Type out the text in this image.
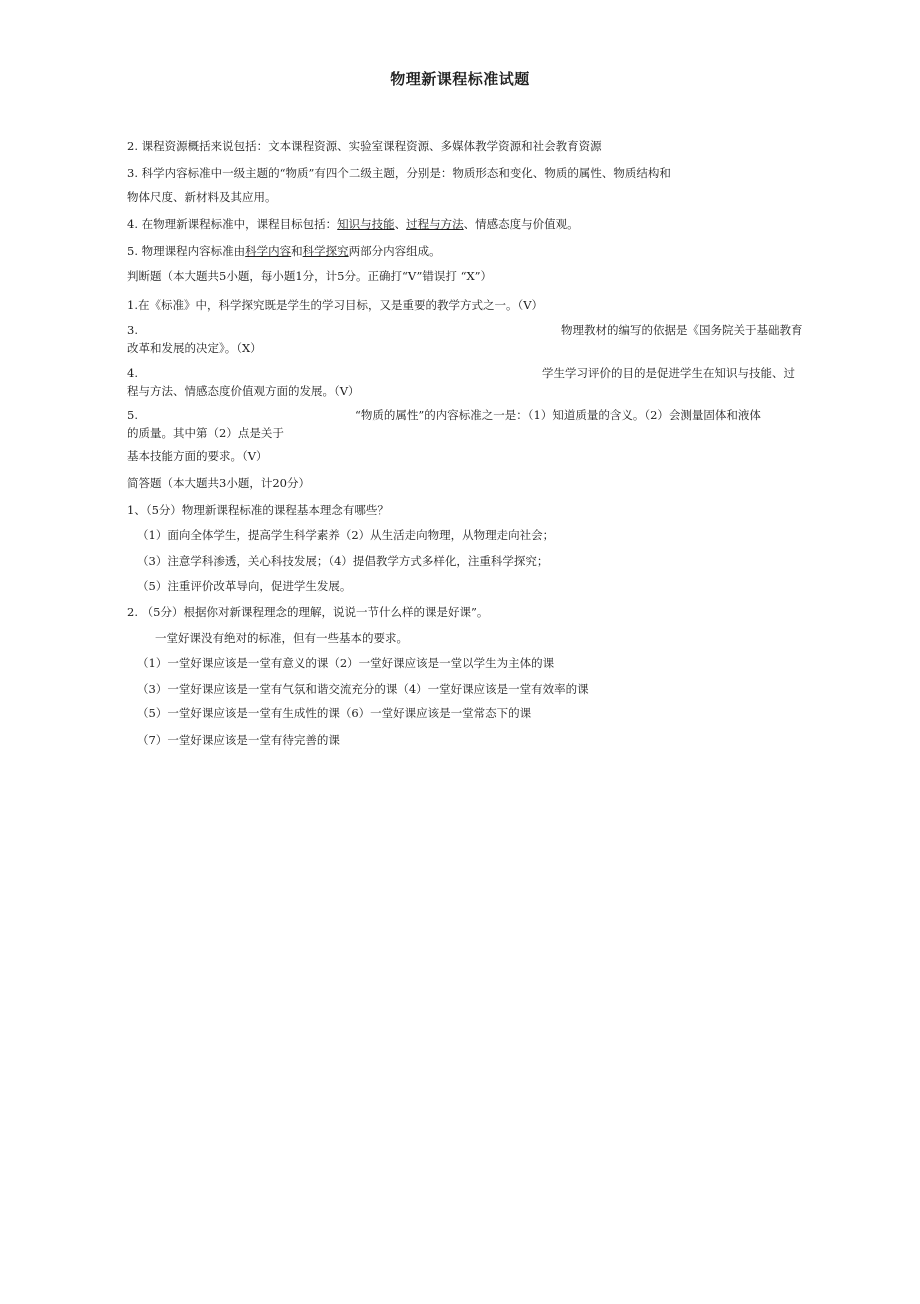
物理新课程标准试题
2. 课程资源概括来说包括：文本课程资源、实验室课程资源、多媒体教学资源和社会教育资源
3. 科学内容标准中一级主题的“物质”有四个二级主题，分别是：物质形态和变化、物质的属性、物质结构和
物体尺度、新材料及其应用。
4. 在物理新课程标准中，课程目标包括：知识与技能、过程与方法、情感态度与价值观。
5. 物理课程内容标准由科学内容和科学探究两部分内容组成。
判断题（本大题共5小题，每小题1分，计5分。正确打“V”错误打 “X”）
1.在《标准》中，科学探究既是学生的学习目标，又是重要的教学方式之一。（V）
3.	物理教材的编写的依据是《国务院关于基础教育
改革和发展的决定》。（X）
4.	学生学习评价的目的是促进学生在知识与技能、过
程与方法、情感态度价值观方面的发展。（V）
5.	“物质的属性”的内容标准之一是：（1）知道质量的含义。（2）会测量固体和液体
的质量。其中第（2）点是关于
基本技能方面的要求。（V）
简答题（本大题共3小题，计20分）
1、（5分）物理新课程标准的课程基本理念有哪些？
（1）面向全体学生，提高学生科学素养（2）从生活走向物理，从物理走向社会；
（3）注意学科渗透，关心科技发展；（4）提倡教学方式多样化，注重科学探究；
（5）注重评价改革导向，促进学生发展。
2. （5分）根据你对新课程理念的理解，说说一节什么样的课是好课”。
一堂好课没有绝对的标准，但有一些基本的要求。
（1）一堂好课应该是一堂有意义的课（2）一堂好课应该是一堂以学生为主体的课
（3）一堂好课应该是一堂有气氛和谐交流充分的课（4）一堂好课应该是一堂有效率的课
（5）一堂好课应该是一堂有生成性的课（6）一堂好课应该是一堂常态下的课
（7）一堂好课应该是一堂有待完善的课
